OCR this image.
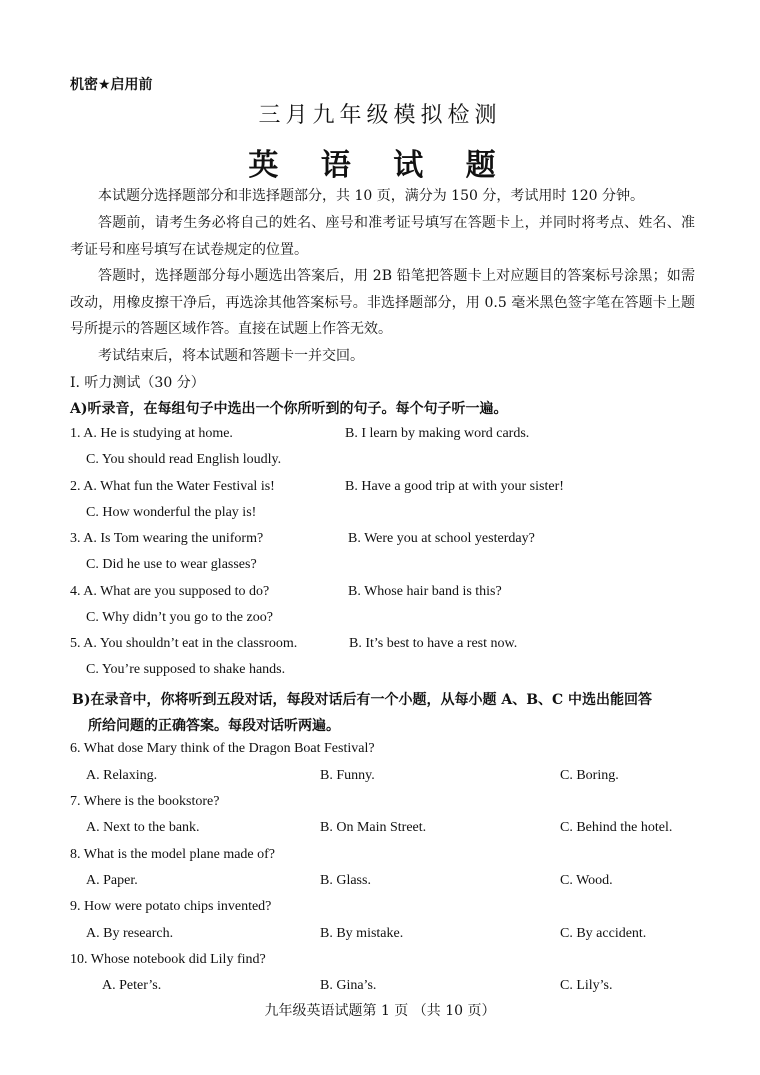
机密★启用前
三月九年级模拟检测
英 语 试 题
本试题分选择题部分和非选择题部分，共 10 页，满分为 150 分，考试用时 120 分钟。
答题前，请考生务必将自己的姓名、座号和准考证号填写在答题卡上，并同时将考点、姓名、准考证号和座号填写在试卷规定的位置。
答题时，选择题部分每小题选出答案后，用 2B 铅笔把答题卡上对应题目的答案标号涂黑；如需改动，用橡皮擦干净后，再选涂其他答案标号。非选择题部分，用 0.5 毫米黑色签字笔在答题卡上题号所提示的答题区域作答。直接在试题上作答无效。
考试结束后，将本试题和答题卡一并交回。
I. 听力测试（30 分）
A)听录音，在每组句子中选出一个你所听到的句子。每个句子听一遍。
1. A. He is studying at home.	B. I learn by making word cards.
C. You should read English loudly.
2. A. What fun the Water Festival is!	B. Have a good trip at with your sister!
C. How wonderful the play is!
3. A. Is Tom wearing the uniform?	B. Were you at school yesterday?
C. Did he use to wear glasses?
4. A. What are you supposed to do?	B. Whose hair band is this?
C. Why didn’t you go to the zoo?
5. A. You shouldn’t eat in the classroom.	B. It’s best to have a rest now.
C. You’re supposed to shake hands.
B)在录音中，你将听到五段对话，每段对话后有一个小题，从每小题 A、B、C 中选出能回答
所给问题的正确答案。每段对话听两遍。
6. What dose Mary think of the Dragon Boat Festival?
A. Relaxing.	B. Funny.	C. Boring.
7. Where is the bookstore?
A. Next to the bank.	B. On Main Street.	C. Behind the hotel.
8. What is the model plane made of?
A. Paper.	B. Glass.	C. Wood.
9. How were potato chips invented?
A. By research.	B. By mistake.	C. By accident.
10. Whose notebook did Lily find?
A. Peter’s.	B. Gina’s.	C. Lily’s.
九年级英语试题第 1 页 （共 10 页）
